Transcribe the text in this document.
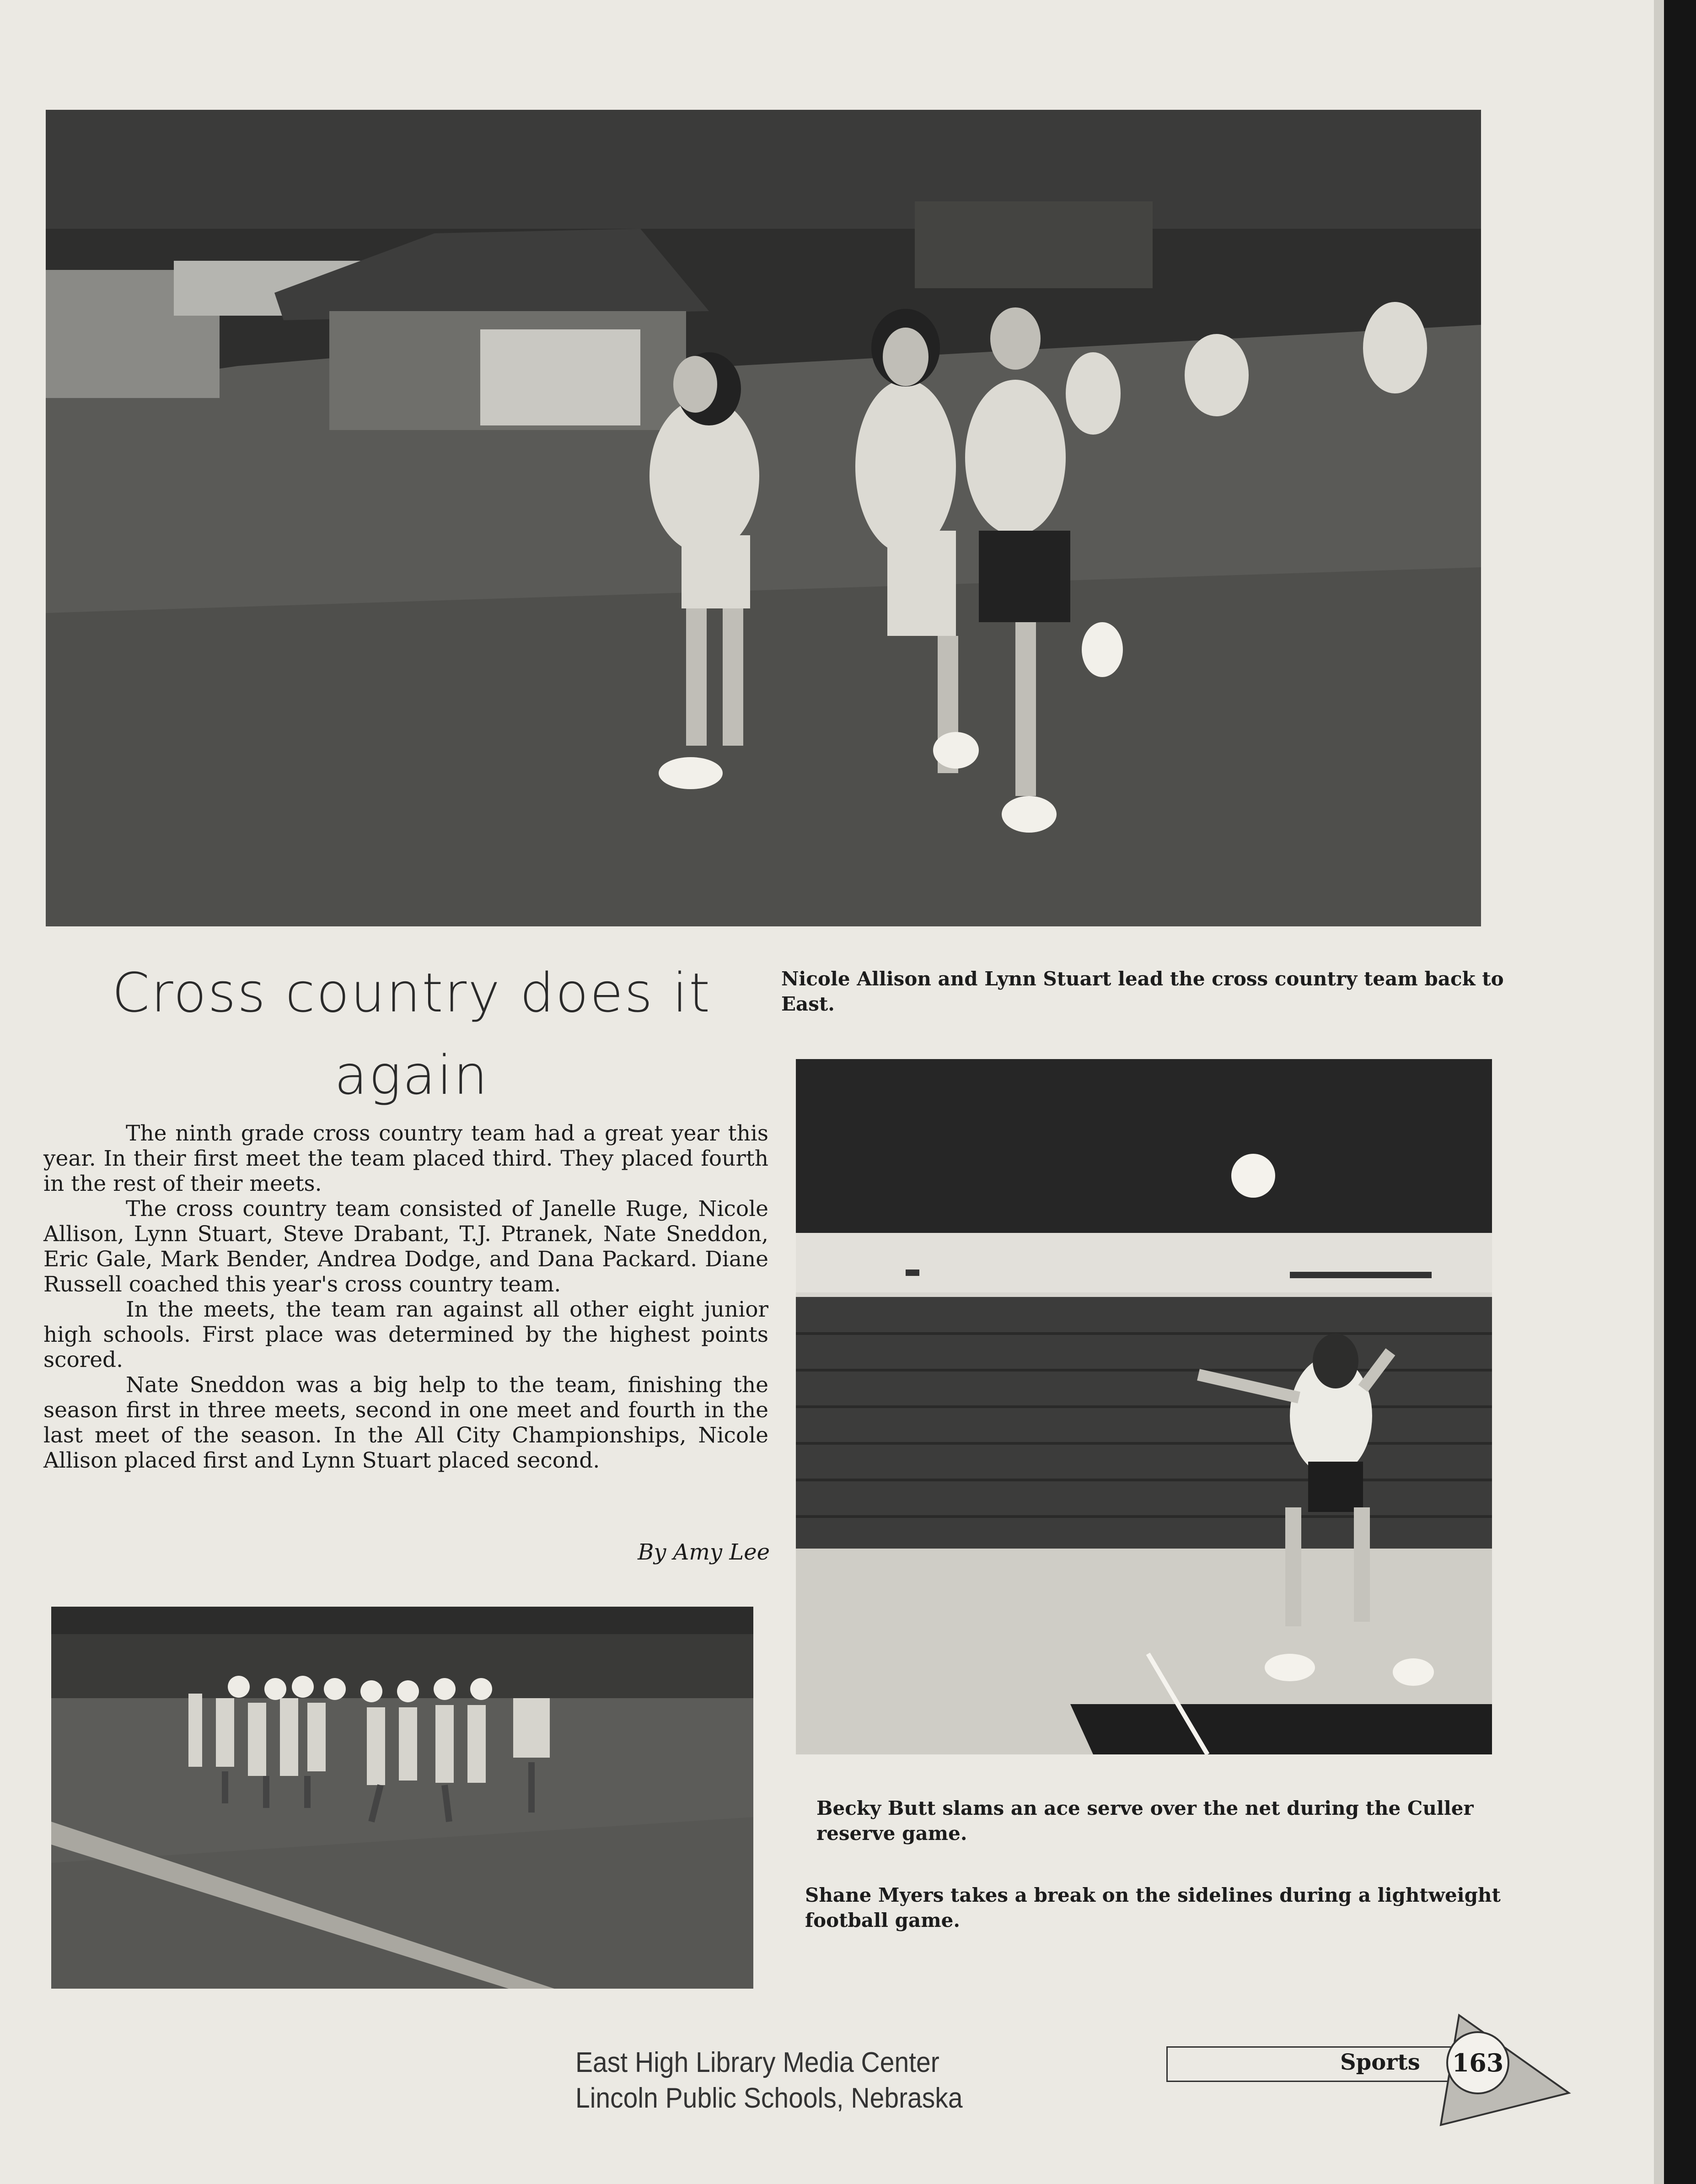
Cross country does it again
Nicole Allison and Lynn Stuart lead the cross country team back to East.

The ninth grade cross country team had a great year this year. In their first meet the team placed third. They placed fourth in the rest of their meets.

The cross country team consisted of Janelle Ruge, Nicole Allison, Lynn Stuart, Steve Drabant, T.J. Ptranek, Nate Sneddon, Eric Gale, Mark Bender, Andrea Dodge, and Dana Packard. Diane Russell coached this year's cross country team.

In the meets, the team ran against all other eight junior high schools. First place was determined by the highest points scored.

Nate Sneddon was a big help to the team, finishing the season first in three meets, second in one meet and fourth in the last meet of the season. In the All City Championships, Nicole Allison placed first and Lynn Stuart placed second.

By Amy Lee
Becky Butt slams an ace serve over the net during the Culler reserve game.
Shane Myers takes a break on the sidelines during a lightweight football game.
East High Library Media Center
Lincoln Public Schools, Nebraska
Sports 163
